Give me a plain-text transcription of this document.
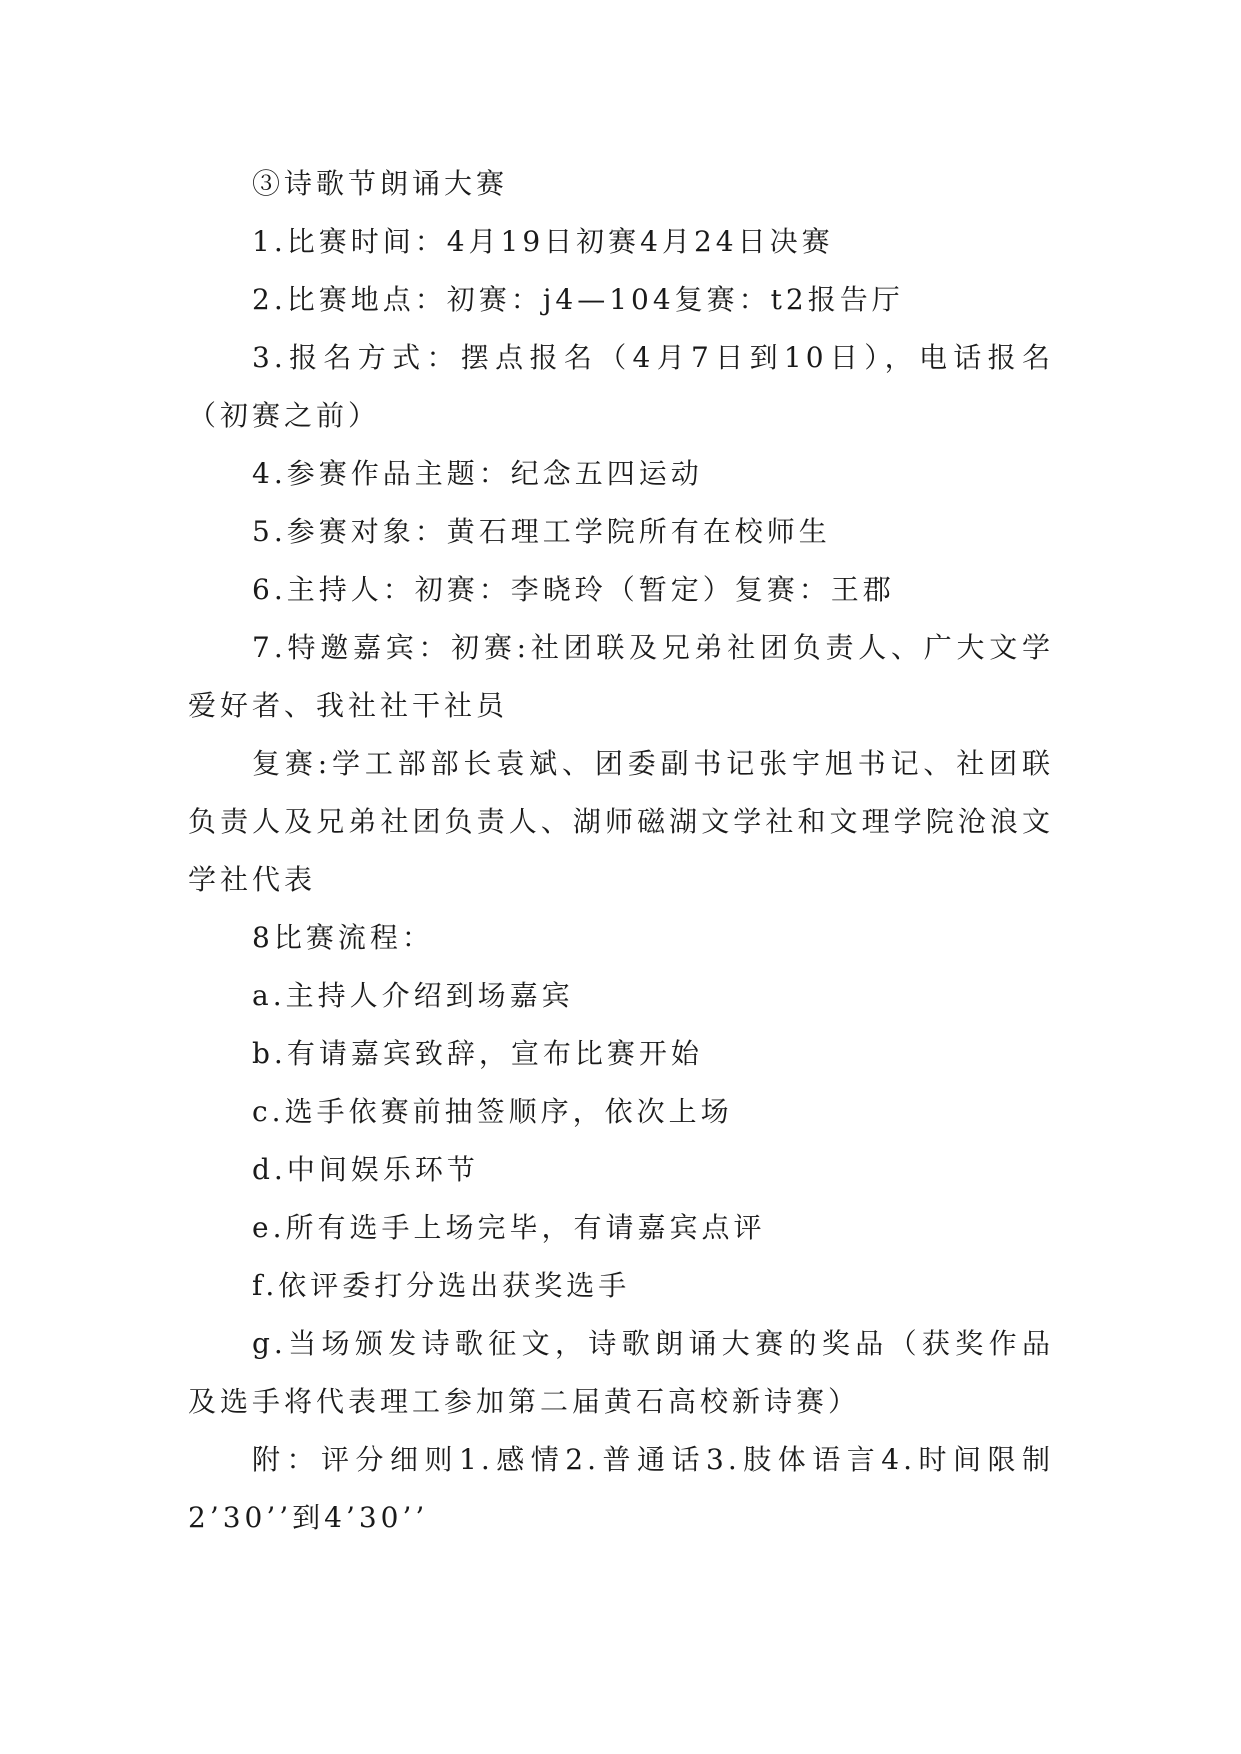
③诗歌节朗诵大赛

1.比赛时间：4月19日初赛4月24日决赛

2.比赛地点：初赛：j4—104复赛：t2报告厅

3.报名方式：摆点报名（4月7日到10日），电话报名（初赛之前）

4.参赛作品主题：纪念五四运动

5.参赛对象：黄石理工学院所有在校师生

6.主持人：初赛：李晓玲（暂定）复赛：王郡

7.特邀嘉宾：初赛:社团联及兄弟社团负责人、广大文学爱好者、我社社干社员

复赛:学工部部长袁斌、团委副书记张宇旭书记、社团联负责人及兄弟社团负责人、湖师磁湖文学社和文理学院沧浪文学社代表

8比赛流程：

a.主持人介绍到场嘉宾

b.有请嘉宾致辞，宣布比赛开始

c.选手依赛前抽签顺序，依次上场

d.中间娱乐环节

e.所有选手上场完毕，有请嘉宾点评

f.依评委打分选出获奖选手

g.当场颁发诗歌征文，诗歌朗诵大赛的奖品（获奖作品及选手将代表理工参加第二届黄石高校新诗赛）

附：评分细则1.感情2.普通话3.肢体语言4.时间限制2’30’’到4’30’’
